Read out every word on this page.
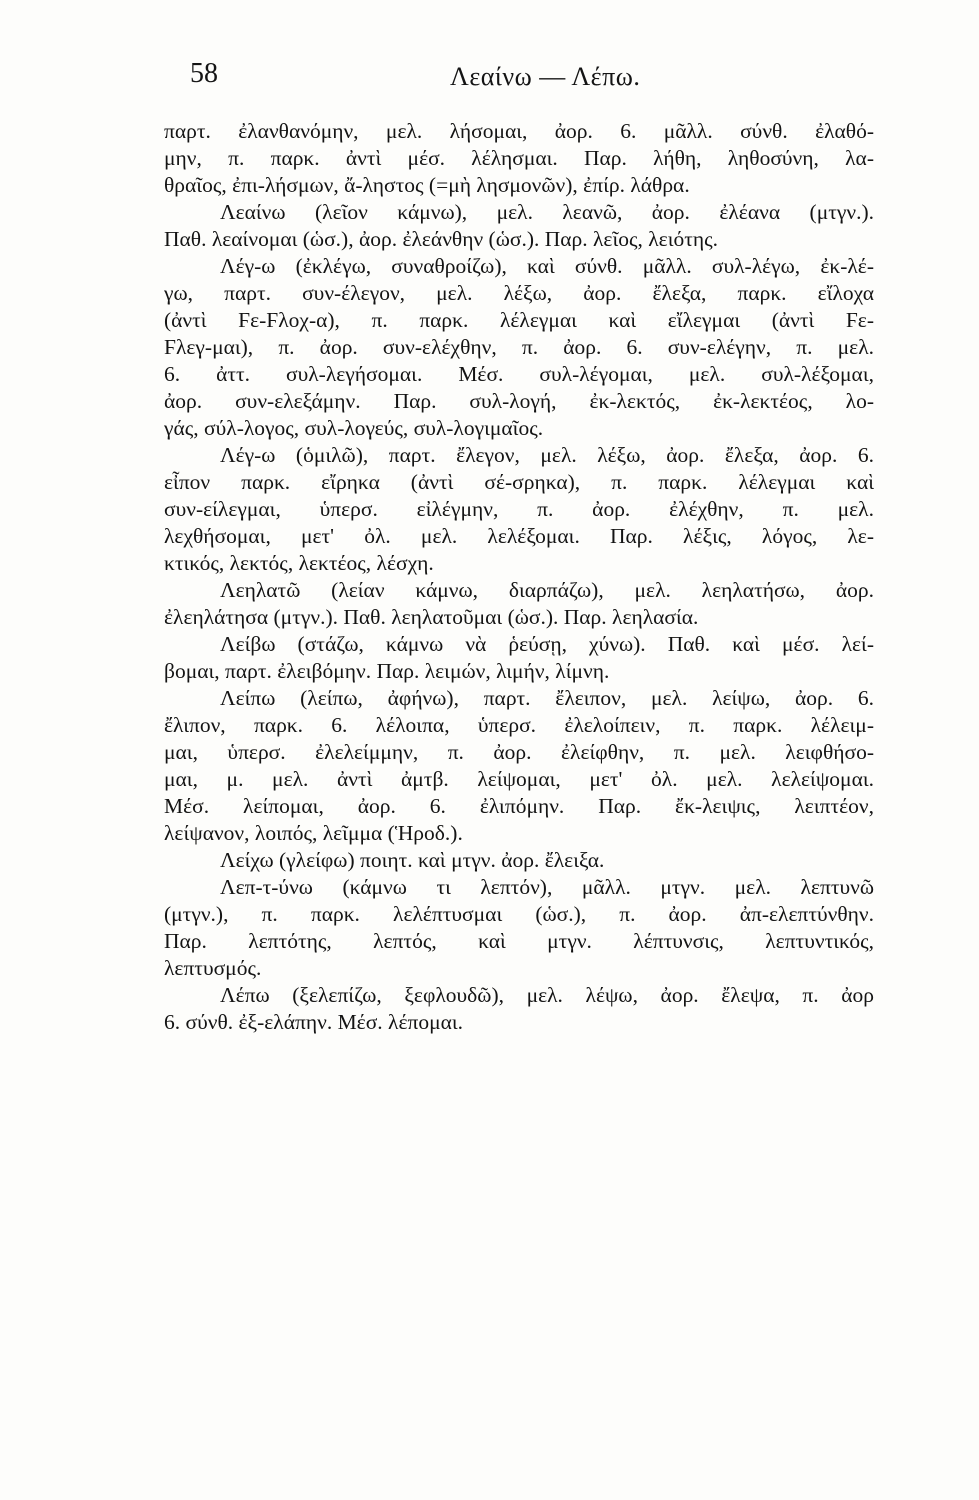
58	Λεαίνω — Λέπω.
παρτ. ἐλανθανόμην, μελ. λήσομαι, ἀορ. 6. μᾶλλ. σύνθ. ἐλαθό-
μην, π. παρκ. ἀντὶ μέσ. λέλησμαι. Παρ. λήθη, ληθοσύνη, λα-
θραῖος, ἐπι-λήσμων, ἄ-ληστος (=μὴ λησμονῶν), ἐπίρ. λάθρα.
Λεαίνω (λεῖον κάμνω), μελ. λεανῶ, ἀορ. ἐλέανα (μτγν.).
Παθ. λεαίνομαι (ὡσ.), ἀορ. ἐλεάνθην (ὡσ.). Παρ. λεῖος, λειότης.
Λέγ-ω (ἐκλέγω, συναθροίζω), καὶ σύνθ. μᾶλλ. συλ-λέγω, ἐκ-λέ-
γω, παρτ. συν-έλεγον, μελ. λέξω, ἀορ. ἔλεξα, παρκ. εἴλοχα
(ἀντὶ Ϝε-Ϝλοχ-α), π. παρκ. λέλεγμαι καὶ εἴλεγμαι (ἀντὶ Ϝε-
Ϝλεγ-μαι), π. ἀορ. συν-ελέχθην, π. ἀορ. 6. συν-ελέγην, π. μελ.
6. ἀττ. συλ-λεγήσομαι. Μέσ. συλ-λέγομαι, μελ. συλ-λέξομαι,
ἀορ. συν-ελεξάμην. Παρ. συλ-λογή, ἐκ-λεκτός, ἐκ-λεκτέος, λο-
γάς, σύλ-λογος, συλ-λογεύς, συλ-λογιμαῖος.
Λέγ-ω (ὁμιλῶ), παρτ. ἔλεγον, μελ. λέξω, ἀορ. ἔλεξα, ἀορ. 6.
εἶπον παρκ. εἴρηκα (ἀντὶ σέ-σρηκα), π. παρκ. λέλεγμαι καὶ
συν-είλεγμαι, ὑπερσ. εἰλέγμην, π. ἀορ. ἐλέχθην, π. μελ.
λεχθήσομαι, μετ' ὀλ. μελ. λελέξομαι. Παρ. λέξις, λόγος, λε-
κτικός, λεκτός, λεκτέος, λέσχη.
Λεηλατῶ (λείαν κάμνω, διαρπάζω), μελ. λεηλατήσω, ἀορ.
ἐλεηλάτησα (μτγν.). Παθ. λεηλατοῦμαι (ὡσ.). Παρ. λεηλασία.
Λείβω (στάζω, κάμνω νὰ ῥεύσῃ, χύνω). Παθ. καὶ μέσ. λεί-
βομαι, παρτ. ἐλειβόμην. Παρ. λειμών, λιμήν, λίμνη.
Λείπω (λείπω, ἀφήνω), παρτ. ἔλειπον, μελ. λείψω, ἀορ. 6.
ἔλιπον, παρκ. 6. λέλοιπα, ὑπερσ. ἐλελοίπειν, π. παρκ. λέλειμ-
μαι, ὑπερσ. ἐλελείμμην, π. ἀορ. ἐλείφθην, π. μελ. λειφθήσο-
μαι, μ. μελ. ἀντὶ ἀμτβ. λείψομαι, μετ' ὀλ. μελ. λελείψομαι.
Μέσ. λείπομαι, ἀορ. 6. ἐλιπόμην. Παρ. ἔκ-λειψις, λειπτέον,
λείψανον, λοιπός, λεῖμμα (Ἡροδ.).
Λείχω (γλείφω) ποιητ. καὶ μτγν. ἀορ. ἔλειξα.
Λεπ-τ-ύνω (κάμνω τι λεπτόν), μᾶλλ. μτγν. μελ. λεπτυνῶ
(μτγν.), π. παρκ. λελέπτυσμαι (ὡσ.), π. ἀορ. ἀπ-ελεπτύνθην.
Παρ. λεπτότης, λεπτός, καὶ μτγν. λέπτυνσις, λεπτυντικός,
λεπτυσμός.
Λέπω (ξελεπίζω, ξεφλουδῶ), μελ. λέψω, ἀορ. ἔλεψα, π. ἀορ
6. σύνθ. ἐξ-ελάπην. Μέσ. λέπομαι.
